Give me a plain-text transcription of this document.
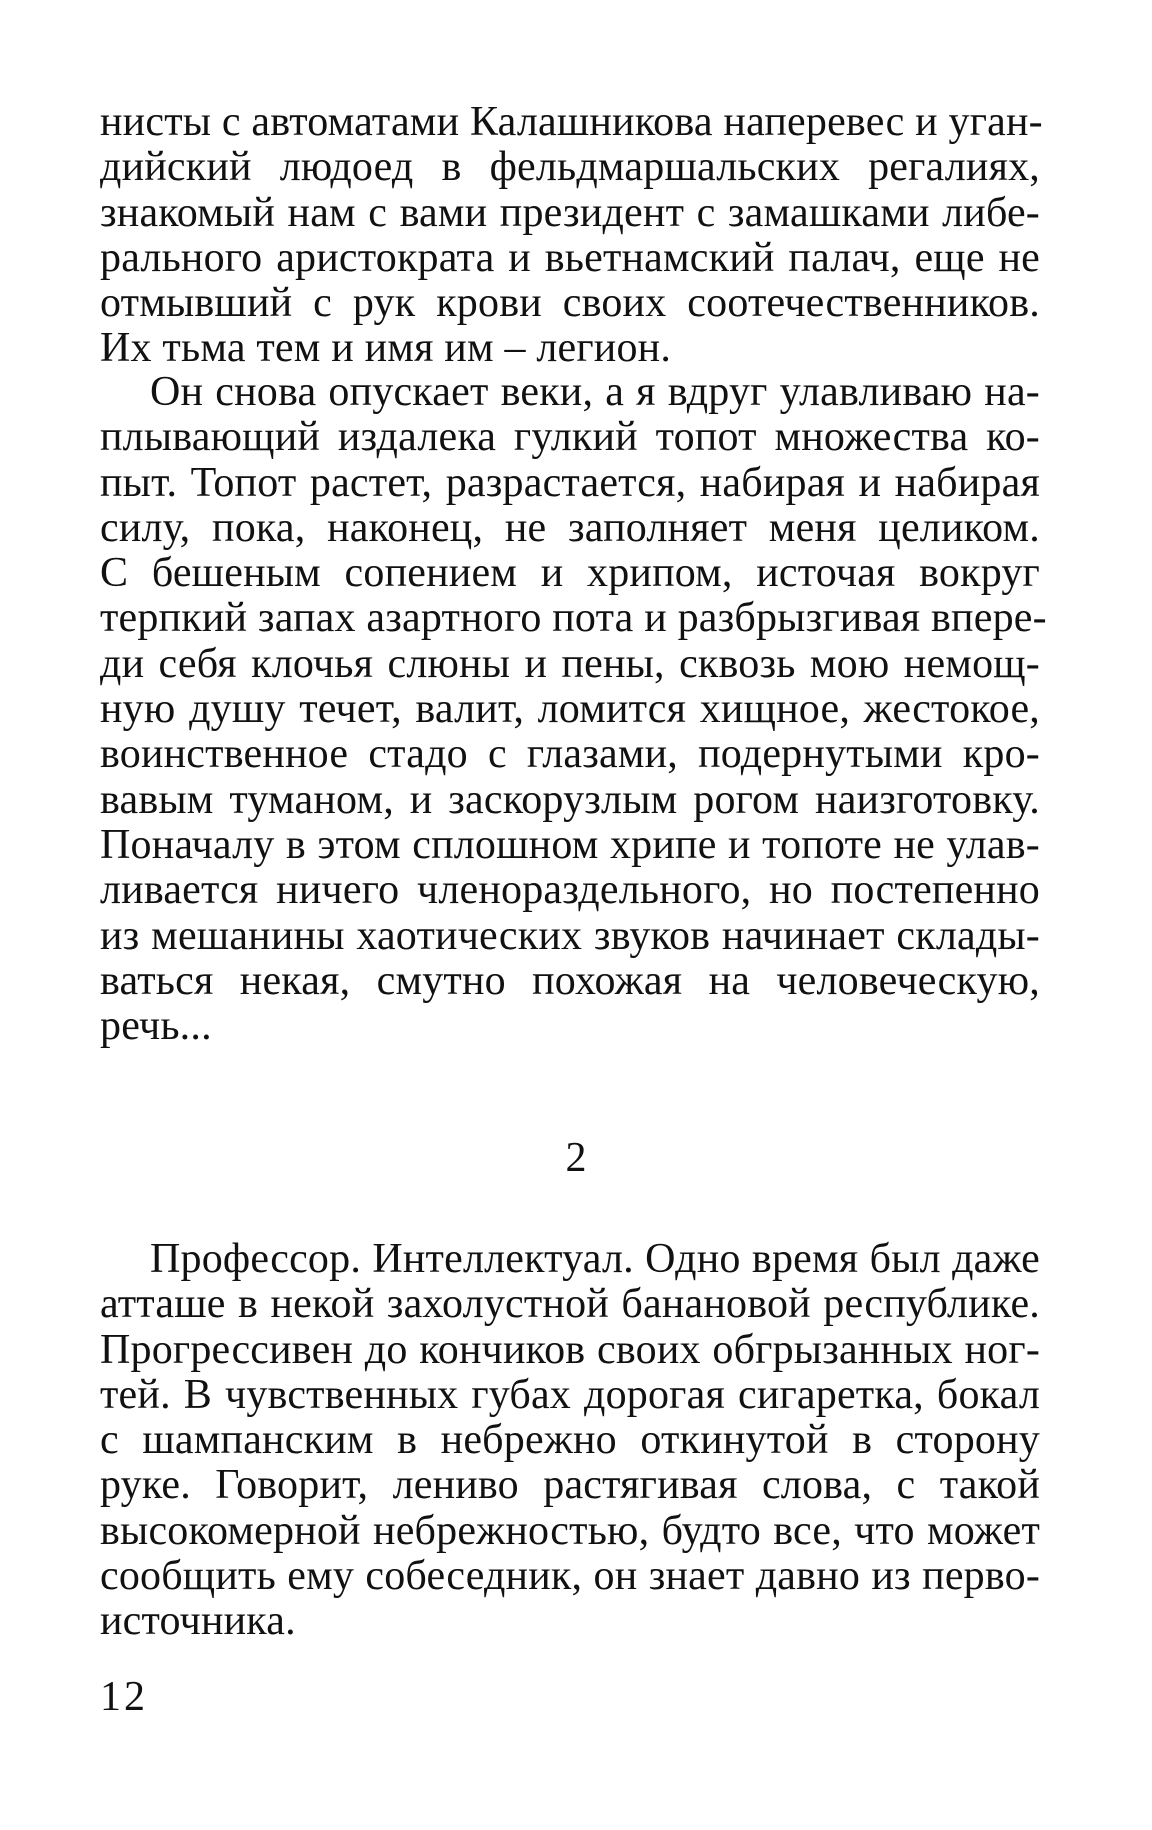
нисты с автоматами Калашникова наперевес и уган-
дийский людоед в фельдмаршальских регалиях,
знакомый нам с вами президент с замашками либе-
рального аристократа и вьетнамский палач, еще не
отмывший с рук крови своих соотечественников.
Их тьма тем и имя им – легион.
Он снова опускает веки, а я вдруг улавливаю на-
плывающий издалека гулкий топот множества ко-
пыт. Топот растет, разрастается, набирая и набирая
силу, пока, наконец, не заполняет меня целиком.
С бешеным сопением и хрипом, источая вокруг
терпкий запах азартного пота и разбрызгивая впере-
ди себя клочья слюны и пены, сквозь мою немощ-
ную душу течет, валит, ломится хищное, жестокое,
воинственное стадо с глазами, подернутыми кро-
вавым туманом, и заскорузлым рогом наизготовку.
Поначалу в этом сплошном хрипе и топоте не улав-
ливается ничего членораздельного, но постепенно
из мешанины хаотических звуков начинает склады-
ваться некая, смутно похожая на человеческую,
речь...
2
Профессор. Интеллектуал. Одно время был даже
атташе в некой захолустной банановой республике.
Прогрессивен до кончиков своих обгрызанных ног-
тей. В чувственных губах дорогая сигаретка, бокал
с шампанским в небрежно откинутой в сторону
руке. Говорит, лениво растягивая слова, с такой
высокомерной небрежностью, будто все, что может
сообщить ему собеседник, он знает давно из перво-
источника.
12
